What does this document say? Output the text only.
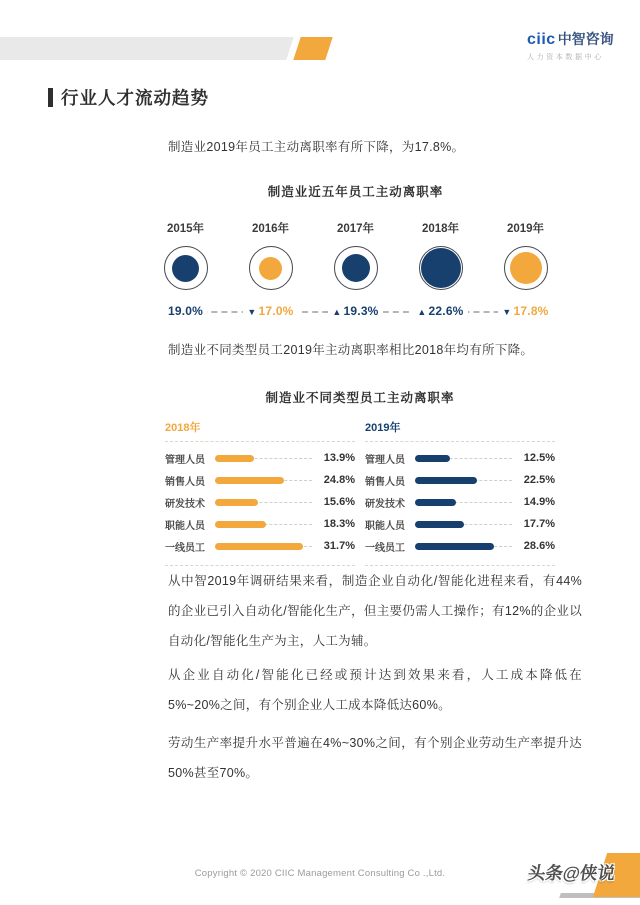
ciic 中智咨询
人力资本数据中心
行业人才流动趋势
制造业2019年员工主动离职率有所下降，为17.8%。
制造业近五年员工主动离职率
2015年	2016年	2017年	2018年	2019年
19.0%	▼ 17.0%	▲ 19.3%	▲ 22.6%	▼ 17.8%
制造业不同类型员工2019年主动离职率相比2018年均有所下降。
制造业不同类型员工主动离职率
2018年
管理人员	13.9%
销售人员	24.8%
研发技术	15.6%
职能人员	18.3%
一线员工	31.7%
2019年
管理人员	12.5%
销售人员	22.5%
研发技术	14.9%
职能人员	17.7%
一线员工	28.6%
从中智2019年调研结果来看，制造企业自动化/智能化进程来看，有44%的企业已引入自动化/智能化生产，但主要仍需人工操作；有12%的企业以自动化/智能化生产为主，人工为辅。
从企业自动化/智能化已经或预计达到效果来看，人工成本降低在5%~20%之间，有个别企业人工成本降低达60%。
劳动生产率提升水平普遍在4%~30%之间，有个别企业劳动生产率提升达50%甚至70%。
Copyright © 2020 CIIC Management Consulting Co .,Ltd.	头条@侠说
